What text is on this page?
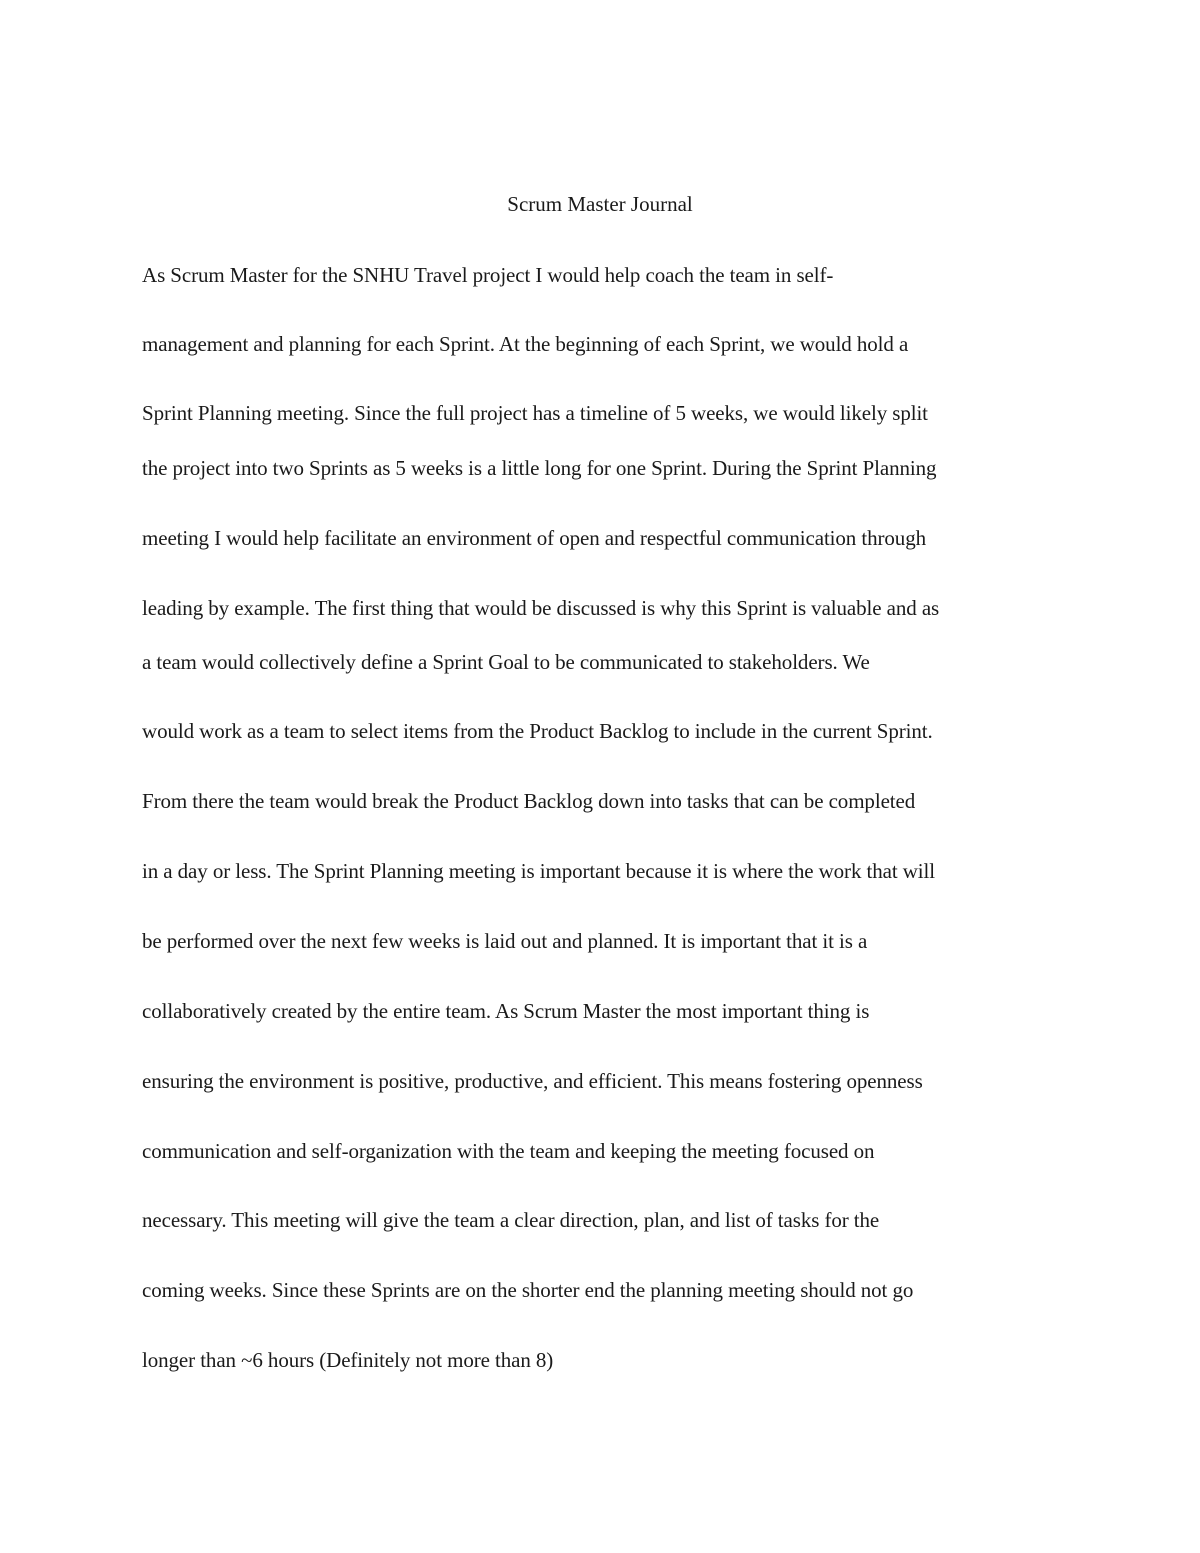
Scrum Master Journal
As Scrum Master for the SNHU Travel project I would help coach the team in self-
management and planning for each Sprint. At the beginning of each Sprint, we would hold a
Sprint Planning meeting. Since the full project has a timeline of 5 weeks, we would likely split
the project into two Sprints as 5 weeks is a little long for one Sprint. During the Sprint Planning
meeting I would help facilitate an environment of open and respectful communication through
leading by example. The first thing that would be discussed is why this Sprint is valuable and as
a team would collectively define a Sprint Goal to be communicated to stakeholders. We
would work as a team to select items from the Product Backlog to include in the current Sprint.
From there the team would break the Product Backlog down into tasks that can be completed
in a day or less. The Sprint Planning meeting is important because it is where the work that will
be performed over the next few weeks is laid out and planned. It is important that it is a
collaboratively created by the entire team. As Scrum Master the most important thing is
ensuring the environment is positive, productive, and efficient. This means fostering openness
communication and self-organization with the team and keeping the meeting focused on
necessary. This meeting will give the team a clear direction, plan, and list of tasks for the
coming weeks. Since these Sprints are on the shorter end the planning meeting should not go
longer than ~6 hours (Definitely not more than 8)
